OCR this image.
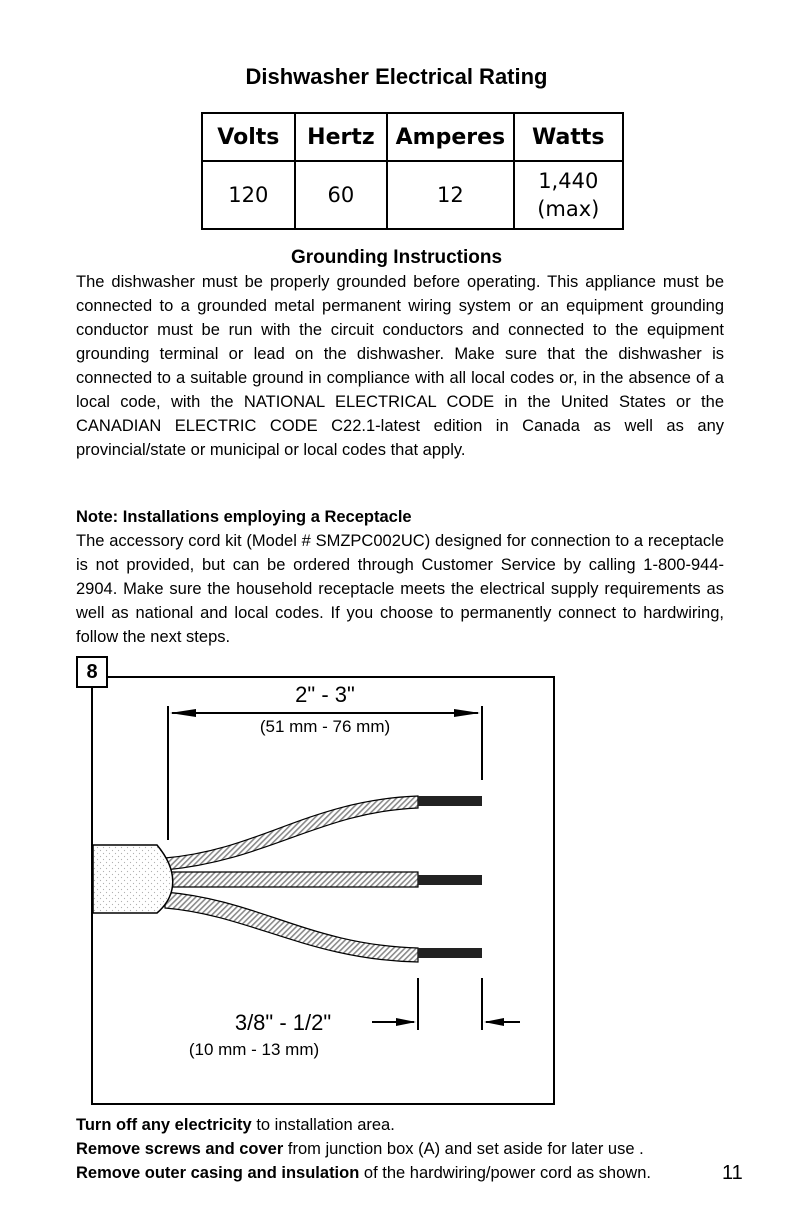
Dishwasher Electrical Rating
Volts	Hertz	Amperes	Watts
120	60	12	1,440
(max)
Grounding Instructions
The dishwasher must be properly grounded before operating. This appliance must be connected to a grounded metal permanent wiring system or an equipment grounding conductor must be run with the circuit conductors and connected to the equipment grounding terminal or lead on the dishwasher. Make sure that the dishwasher is connected to a suitable ground in compliance with all local codes or, in the absence of a local code, with the NATIONAL ELECTRICAL CODE in the United States or the CANADIAN ELECTRIC CODE C22.1-latest edition in Canada as well as any provincial/state or municipal or local codes that apply.
Note: Installations employing a Receptacle
The accessory cord kit (Model # SMZPC002UC) designed for connection to a receptacle is not provided, but can be ordered through Customer Service by calling 1-800-944-2904. Make sure the household receptacle meets the electrical supply requirements as well as national and local codes. If you choose to permanently connect to hardwiring, follow the next steps.
8
2" - 3"
(51 mm - 76 mm)
3/8" - 1/2"
(10 mm - 13 mm)
Turn off any electricity to installation area.
Remove screws and cover from junction box (A) and set aside for later use .
Remove outer casing and insulation of the hardwiring/power cord as shown.	11
